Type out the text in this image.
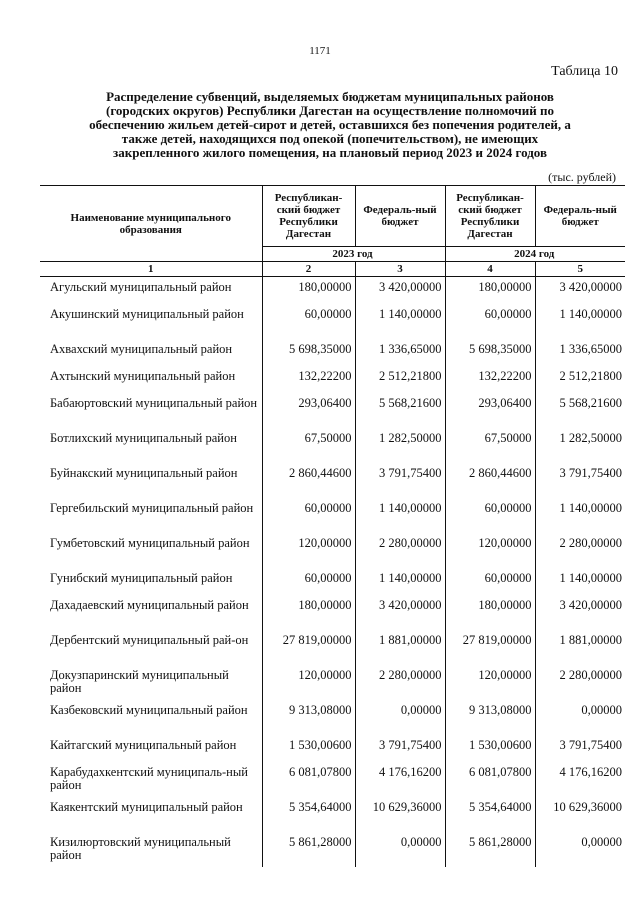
1171
Таблица 10
Распределение субвенций, выделяемых бюджетам муниципальных районов (городских округов) Республики Дагестан на осуществление полномочий по обеспечению жильем детей-сирот и детей, оставшихся без попечения родителей, а также детей, находящихся под опекой (попечительством), не имеющих закрепленного жилого помещения, на плановый период 2023 и 2024 годов
(тыс. рублей)
Наименование муниципального образования	Республикан-ский бюджет Республики Дагестан	Федераль-ный бюджет	Республикан-ский бюджет Республики Дагестан	Федераль-ный бюджет
	2023 год		2024 год	
1	2	3	4	5
Агульский муниципальный район	180,00000	3 420,00000	180,00000	3 420,00000
Акушинский муниципальный район	60,00000	1 140,00000	60,00000	1 140,00000
Ахвахский муниципальный район	5 698,35000	1 336,65000	5 698,35000	1 336,65000
Ахтынский муниципальный район	132,22200	2 512,21800	132,22200	2 512,21800
Бабаюртовский муниципальный район	293,06400	5 568,21600	293,06400	5 568,21600
Ботлихский муниципальный район	67,50000	1 282,50000	67,50000	1 282,50000
Буйнакский муниципальный район	2 860,44600	3 791,75400	2 860,44600	3 791,75400
Гергебильский муниципальный район	60,00000	1 140,00000	60,00000	1 140,00000
Гумбетовский муниципальный район	120,00000	2 280,00000	120,00000	2 280,00000
Гунибский муниципальный район	60,00000	1 140,00000	60,00000	1 140,00000
Дахадаевский муниципальный район	180,00000	3 420,00000	180,00000	3 420,00000
Дербентский муниципальный рай-он	27 819,00000	1 881,00000	27 819,00000	1 881,00000
Докузпаринский муниципальный район	120,00000	2 280,00000	120,00000	2 280,00000
Казбековский муниципальный район	9 313,08000	0,00000	9 313,08000	0,00000
Кайтагский муниципальный район	1 530,00600	3 791,75400	1 530,00600	3 791,75400
Карабудахкентский муниципаль-ный район	6 081,07800	4 176,16200	6 081,07800	4 176,16200
Каякентский муниципальный район	5 354,64000	10 629,36000	5 354,64000	10 629,36000
Кизилюртовский муниципальный район	5 861,28000	0,00000	5 861,28000	0,00000
